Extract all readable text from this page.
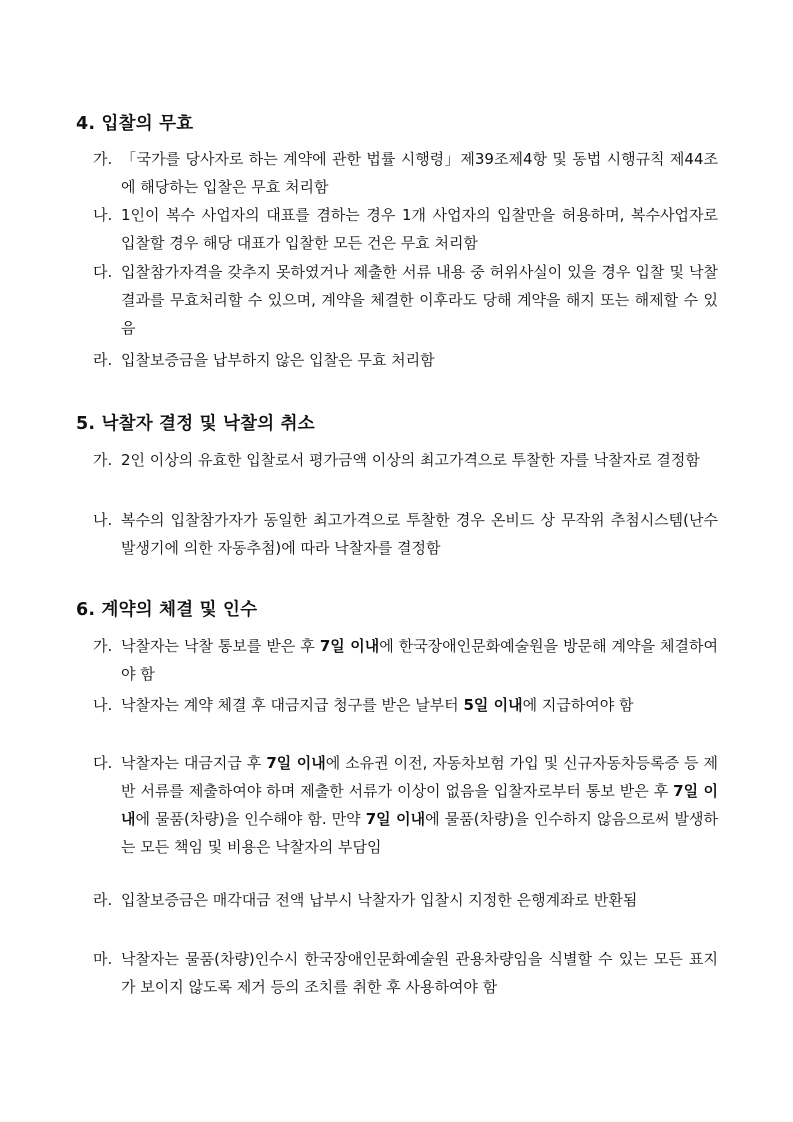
4. 입찰의 무효
가. 「국가를 당사자로 하는 계약에 관한 법률 시행령」제39조제4항 및 동법 시행규칙 제44조에 해당하는 입찰은 무효 처리함
나. 1인이 복수 사업자의 대표를 겸하는 경우 1개 사업자의 입찰만을 허용하며, 복수사업자로 입찰할 경우 해당 대표가 입찰한 모든 건은 무효 처리함
다. 입찰참가자격을 갖추지 못하였거나 제출한 서류 내용 중 허위사실이 있을 경우 입찰 및 낙찰 결과를 무효처리할 수 있으며, 계약을 체결한 이후라도 당해 계약을 해지 또는 해제할 수 있음
라. 입찰보증금을 납부하지 않은 입찰은 무효 처리함
5. 낙찰자 결정 및 낙찰의 취소
가. 2인 이상의 유효한 입찰로서 평가금액 이상의 최고가격으로 투찰한 자를 낙찰자로 결정함
나. 복수의 입찰참가자가 동일한 최고가격으로 투찰한 경우 온비드 상 무작위 추첨시스템(난수발생기에 의한 자동추첨)에 따라 낙찰자를 결정함
6. 계약의 체결 및 인수
가. 낙찰자는 낙찰 통보를 받은 후 7일 이내에 한국장애인문화예술원을 방문해 계약을 체결하여야 함
나. 낙찰자는 계약 체결 후 대금지급 청구를 받은 날부터 5일 이내에 지급하여야 함
다. 낙찰자는 대금지급 후 7일 이내에 소유권 이전, 자동차보험 가입 및 신규자동차등록증 등 제반 서류를 제출하여야 하며 제출한 서류가 이상이 없음을 입찰자로부터 통보 받은 후 7일 이내에 물품(차량)을 인수해야 함. 만약 7일 이내에 물품(차량)을 인수하지 않음으로써 발생하는 모든 책임 및 비용은 낙찰자의 부담임
라. 입찰보증금은 매각대금 전액 납부시 낙찰자가 입찰시 지정한 은행계좌로 반환됨
마. 낙찰자는 물품(차량)인수시 한국장애인문화예술원 관용차량임을 식별할 수 있는 모든 표지가 보이지 않도록 제거 등의 조치를 취한 후 사용하여야 함
